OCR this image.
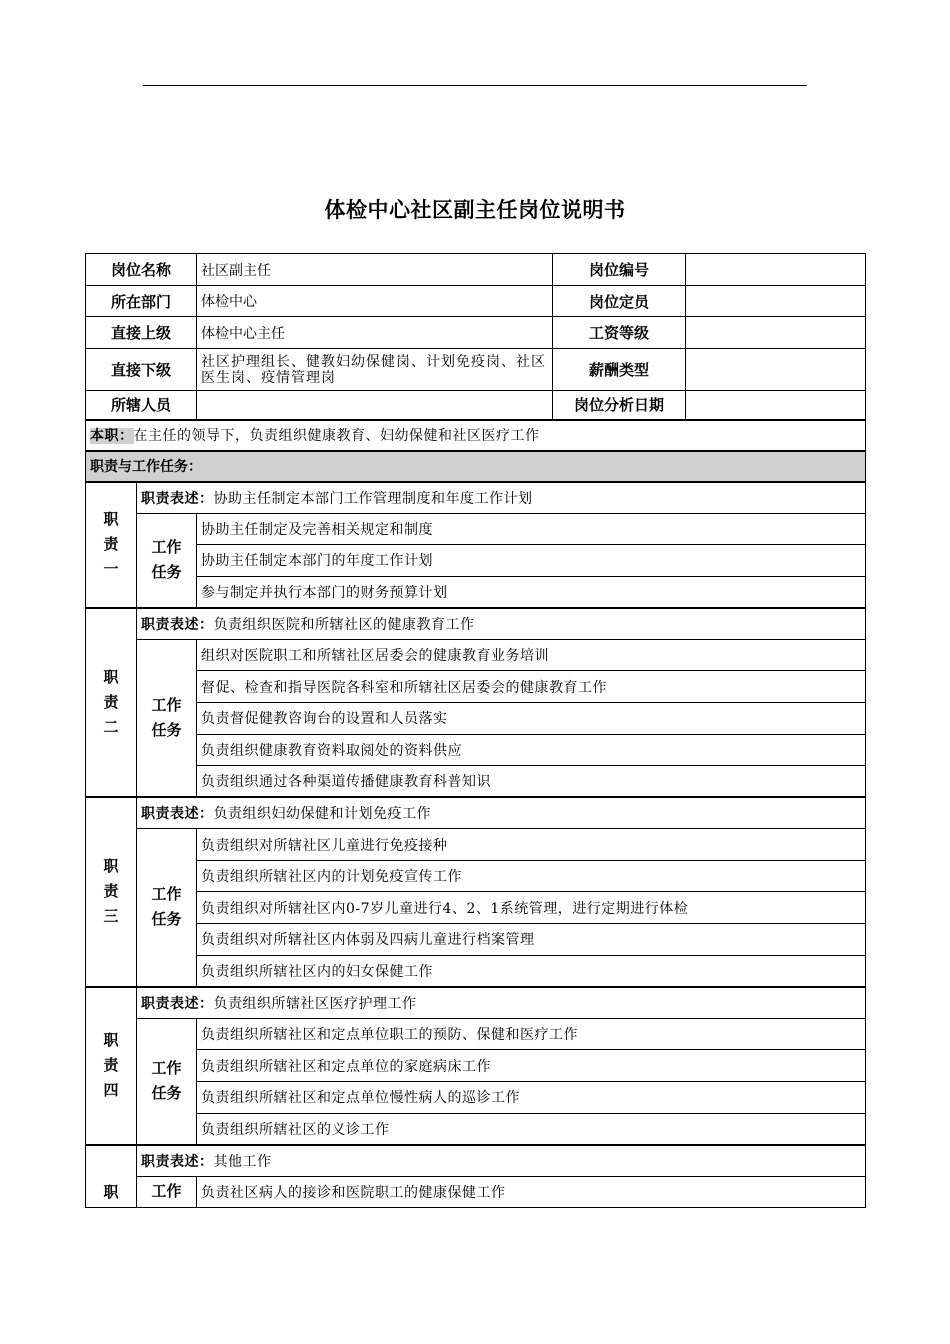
体检中心社区副主任岗位说明书
岗位名称		社区副主任	岗位编号	
所在部门		体检中心	岗位定员	
直接上级		体检中心主任	工资等级	
直接下级		社区护理组长、健教妇幼保健岗、计划免疫岗、社区医生岗、疫情管理岗	薪酬类型	
所辖人员			岗位分析日期	
本职：在主任的领导下，负责组织健康教育、妇幼保健和社区医疗工作				
职责与工作任务：				

职
责
一	职责表述：协助主任制定本部门工作管理制度和年度工作计划			

	工作
任务	协助主任制定及完善相关规定和制度		
		协助主任制定本部门的年度工作计划		
		参与制定并执行本部门的财务预算计划		

职
责
二	职责表述：负责组织医院和所辖社区的健康教育工作			

	工作
任务	组织对医院职工和所辖社区居委会的健康教育业务培训		
		督促、检查和指导医院各科室和所辖社区居委会的健康教育工作		
		负责督促健教咨询台的设置和人员落实		
		负责组织健康教育资料取阅处的资料供应		
		负责组织通过各种渠道传播健康教育科普知识		

职
责
三	职责表述：负责组织妇幼保健和计划免疫工作			

	工作
任务	负责组织对所辖社区儿童进行免疫接种		
		负责组织所辖社区内的计划免疫宣传工作		
		负责组织对所辖社区内0-7岁儿童进行4、2、1系统管理，进行定期进行体检		
		负责组织对所辖社区内体弱及四病儿童进行档案管理		
		负责组织所辖社区内的妇女保健工作		

职
责
四	职责表述：负责组织所辖社区医疗护理工作			

	工作
任务	负责组织所辖社区和定点单位职工的预防、保健和医疗工作		
		负责组织所辖社区和定点单位的家庭病床工作		
		负责组织所辖社区和定点单位慢性病人的巡诊工作		
		负责组织所辖社区的义诊工作		

职	职责表述：其他工作			

	工作	负责社区病人的接诊和医院职工的健康保健工作		
